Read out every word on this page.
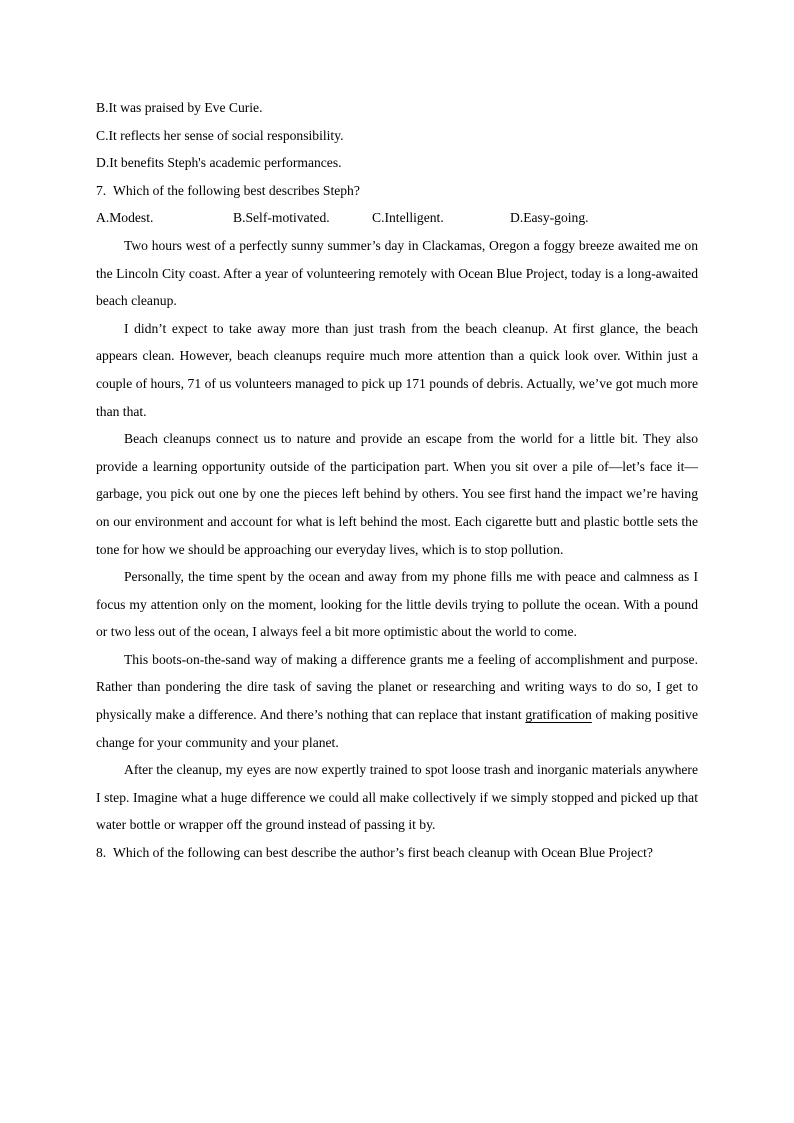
B.It was praised by Eve Curie.

C.It reflects her sense of social responsibility.

D.It benefits Steph's academic performances.

7. Which of the following best describes Steph?

A.Modest.	B.Self-motivated.	C.Intelligent.	D.Easy-going.

Two hours west of a perfectly sunny summer’s day in Clackamas, Oregon a foggy breeze awaited me on the Lincoln City coast. After a year of volunteering remotely with Ocean Blue Project, today is a long-awaited beach cleanup.

I didn’t expect to take away more than just trash from the beach cleanup. At first glance, the beach appears clean. However, beach cleanups require much more attention than a quick look over. Within just a couple of hours, 71 of us volunteers managed to pick up 171 pounds of debris. Actually, we’ve got much more than that.

Beach cleanups connect us to nature and provide an escape from the world for a little bit. They also provide a learning opportunity outside of the participation part. When you sit over a pile of—let’s face it—garbage, you pick out one by one the pieces left behind by others. You see first hand the impact we’re having on our environment and account for what is left behind the most. Each cigarette butt and plastic bottle sets the tone for how we should be approaching our everyday lives, which is to stop pollution.

Personally, the time spent by the ocean and away from my phone fills me with peace and calmness as I focus my attention only on the moment, looking for the little devils trying to pollute the ocean. With a pound or two less out of the ocean, I always feel a bit more optimistic about the world to come.

This boots-on-the-sand way of making a difference grants me a feeling of accomplishment and purpose. Rather than pondering the dire task of saving the planet or researching and writing ways to do so, I get to physically make a difference. And there’s nothing that can replace that instant gratification of making positive change for your community and your planet.

After the cleanup, my eyes are now expertly trained to spot loose trash and inorganic materials anywhere I step. Imagine what a huge difference we could all make collectively if we simply stopped and picked up that water bottle or wrapper off the ground instead of passing it by.

8. Which of the following can best describe the author’s first beach cleanup with Ocean Blue Project?
